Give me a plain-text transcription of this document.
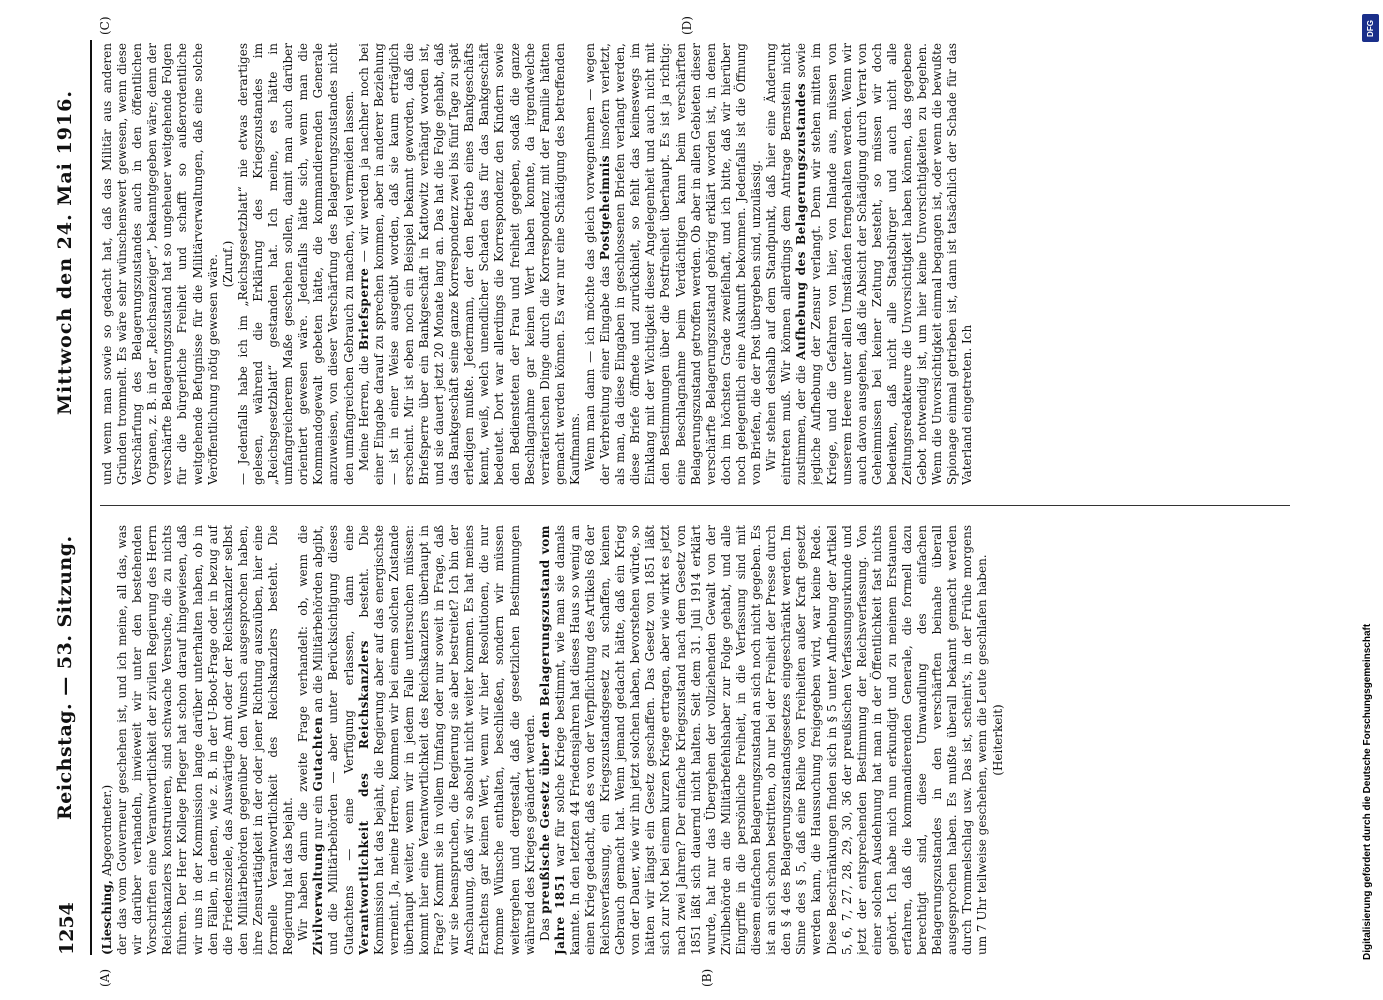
1254
Reichstag. — 53. Sitzung.
Mittwoch den 24. Mai 1916.
(A)	(B)
(C)	(D)

(Liesching, Abgeordneter.) der das vom Gouverneur geschehen ist, und ich meine, all das, was wir darüber verhandeln, inwieweit wir unter den bestehenden Vorschriften eine Verantwortlichkeit der zivilen Regierung des Herrn Reichskanzlers konstruieren, sind schwache Versuche, die zu nichts führen. Der Herr Kollege Pfleger hat schon darauf hingewiesen, daß wir uns in der Kommission lange darüber unterhalten haben, ob in den Fällen, in denen, wie z. B. in der U-Boot-Frage oder in bezug auf die Friedensziele, das Auswärtige Amt oder der Reichskanzler selbst den Militärbehörden gegenüber den Wunsch ausgesprochen haben, ihre Zensurtätigkeit in der oder jener Richtung auszuüben, hier eine formelle Verantwortlichkeit des Reichskanzlers besteht. Die Regierung hat das bejaht. Wir haben dann die zweite Frage verhandelt: ob, wenn die Zivilverwaltung nur ein Gutachten an die Militärbehörden abgibt, und die Militärbehörden — aber unter Berücksichtigung dieses Gutachtens — eine Verfügung erlassen, dann eine Verantwortlichkeit des Reichskanzlers besteht. Die Kommission hat das bejaht, die Regierung aber auf das energischste verneint. Ja, meine Herren, kommen wir bei einem solchen Zustande überhaupt weiter, wenn wir in jedem Falle untersuchen müssen: kommt hier eine Verantwortlichkeit des Reichskanzlers überhaupt in Frage? Kommt sie in vollem Umfang oder nur soweit in Frage, daß wir sie beanspruchen, die Regierung sie aber bestreitet? Ich bin der Anschauung, daß wir so absolut nicht weiter kommen. Es hat meines Erachtens gar keinen Wert, wenn wir hier Resolutionen, die nur fromme Wünsche enthalten, beschließen, sondern wir müssen weitergehen und dergestalt, daß die gesetzlichen Bestimmungen während des Krieges geändert werden. Das preußische Gesetz über den Belagerungszustand vom Jahre 1851 war für solche Kriege bestimmt, wie man sie damals kannte. In den letzten 44 Friedensjahren hat dieses Haus so wenig an einen Krieg gedacht, daß es von der Verpflichtung des Artikels 68 der Reichsverfassung, ein Kriegszustandsgesetz zu schaffen, keinen Gebrauch gemacht hat. Wenn jemand gedacht hätte, daß ein Krieg von der Dauer, wie wir ihn jetzt solchen haben, bevorstehen würde, so hätten wir längst ein Gesetz geschaffen. Das Gesetz von 1851 läßt sich zur Not bei einem kurzen Kriege ertragen, aber wie wirkt es jetzt nach zwei Jahren? Der einfache Kriegszustand nach dem Gesetz von 1851 läßt sich dauernd nicht halten. Seit dem 31. Juli 1914 erklärt wurde, hat nur das Übergehen der vollziehenden Gewalt von der Zivilbehörde an die Militärbefehlshaber zur Folge gehabt, und alle Eingriffe in die persönliche Freiheit, in die Verfassung sind mit diesem einfachen Belagerungszustand an sich noch nicht gegeben. Es ist an sich schon bestritten, ob nur bei der Freiheit der Presse durch den § 4 des Belagerungszustandsgesetzes eingeschränkt werden. Im Sinne des § 5, daß eine Reihe von Freiheiten außer Kraft gesetzt werden kann, die Haussuchung freigegeben wird, war keine Rede. Diese Beschränkungen finden sich in § 5 unter Aufhebung der Artikel 5, 6, 7, 27, 28, 29, 30, 36 der preußischen Verfassungsurkunde und jetzt der entsprechenden Bestimmung der Reichsverfassung. Von einer solchen Ausdehnung hat man in der Öffentlichkeit fast nichts gehört. Ich habe mich nun erkundigt und zu meinem Erstaunen erfahren, daß die kommandierenden Generale, die formell dazu berechtigt sind, diese Umwandlung des einfachen Belagerungszustandes in den verschärften beinahe überall ausgesprochen haben. Es mußte überall bekannt gemacht werden durch Trommelschlag usw. Das ist, scheint's, in der Frühe morgens um 7 Uhr teilweise geschehen, wenn die Leute geschlafen haben. (Heiterkeit)

und wenn man sowie so gedacht hat, daß das Militär aus anderen Gründen trommelt. Es wäre sehr wünschenswert gewesen, wenn diese Verschärfung des Belagerungszustandes auch in den öffentlichen Organen, z. B. in der „Reichsanzeiger“, bekanntgegeben wäre; denn der verschärfte Belagerungszustand hat so ungeheuer weitgehende Folgen für die bürgerliche Freiheit und schafft so außerordentliche weitgehende Befugnisse für die Militärverwaltungen, daß eine solche Veröffentlichung nötig gewesen wäre. (Zuruf.) — Jedenfalls habe ich im „Reichsgesetzblatt“ nie etwas derartiges gelesen, während die Erklärung des Kriegszustandes im „Reichsgesetzblatt“ gestanden hat. Ich meine, es hätte in umfangreicherem Maße geschehen sollen, damit man auch darüber orientiert gewesen wäre. Jedenfalls hätte sich, wenn man die Kommandogewalt gebeten hätte, die kommandierenden Generale anzuweisen, von dieser Verschärfung des Belagerungszustandes nicht den umfangreichen Gebrauch zu machen, viel vermeiden lassen. Meine Herren, die Briefsperre — wir werden ja nachher noch bei einer Eingabe darauf zu sprechen kommen, aber in anderer Beziehung — ist in einer Weise ausgeübt worden, daß sie kaum erträglich erscheint. Mir ist eben noch ein Beispiel bekannt geworden, daß die Briefsperre über ein Bankgeschäft in Kattowitz verhängt worden ist, und sie dauert jetzt 20 Monate lang an. Das hat die Folge gehabt, daß das Bankgeschäft seine ganze Korrespondenz zwei bis fünf Tage zu spät erledigen mußte. Jedermann, der den Betrieb eines Bankgeschäfts kennt, weiß, welch unendlicher Schaden das für das Bankgeschäft bedeutet. Dort war allerdings die Korrespondenz den Kindern sowie den Bediensteten der Frau und freiheit gegeben, sodaß die ganze Beschlagnahme gar keinen Wert haben konnte, da irgendwelche verräterischen Dinge durch die Korrespondenz mit der Familie hätten gemacht werden können. Es war nur eine Schädigung des betreffenden Kaufmanns. Wenn man dann — ich möchte das gleich vorwegnehmen — wegen der Verbreitung einer Eingabe das Postgeheimnis insofern verletzt, als man, da diese Eingaben in geschlossenen Briefen verlangt werden, diese Briefe öffnete und zurückhielt, so fehlt das keineswegs im Einklang mit der Wichtigkeit dieser Angelegenheit und auch nicht mit den Bestimmungen über die Postfreiheit überhaupt. Es ist ja richtig: eine Beschlagnahme beim Verdächtigen kann beim verschärften Belagerungszustand getroffen werden. Ob aber in allen Gebieten dieser verschärfte Belagerungszustand gehörig erklärt worden ist, in denen doch im höchsten Grade zweifelhaft, und ich bitte, daß wir hierüber noch gelegentlich eine Auskunft bekommen. Jedenfalls ist die Öffnung von Briefen, die der Post übergeben sind, unzulässig. Wir stehen deshalb auf dem Standpunkt, daß hier eine Änderung eintreten muß. Wir können allerdings dem Antrage Bernstein nicht zustimmen, der die Aufhebung des Belagerungszustandes sowie jegliche Aufhebung der Zensur verlangt. Denn wir stehen mitten im Kriege, und die Gefahren von hier, von Inlande aus, müssen von unserem Heere unter allen Umständen ferngehalten werden. Wenn wir auch davon ausgehen, daß die Absicht der Schädigung durch Verrat von Geheimnissen bei keiner Zeitung besteht, so müssen wir doch bedenken, daß nicht alle Staatsbürger und auch nicht alle Zeitungsredakteure die Unvorsichtigkeit haben können, das gegebene Gebot notwendig ist, um hier keine Unvorsichtigkeiten zu begehen. Wenn die Unvorsichtigkeit einmal begangen ist, oder wenn die bewußte Spionage einmal getrieben ist, dann ist tatsächlich der Schade für das Vaterland eingetreten. Ich

Digitalisierung gefördert durch die Deutsche Forschungsgemeinschaft
DFG
